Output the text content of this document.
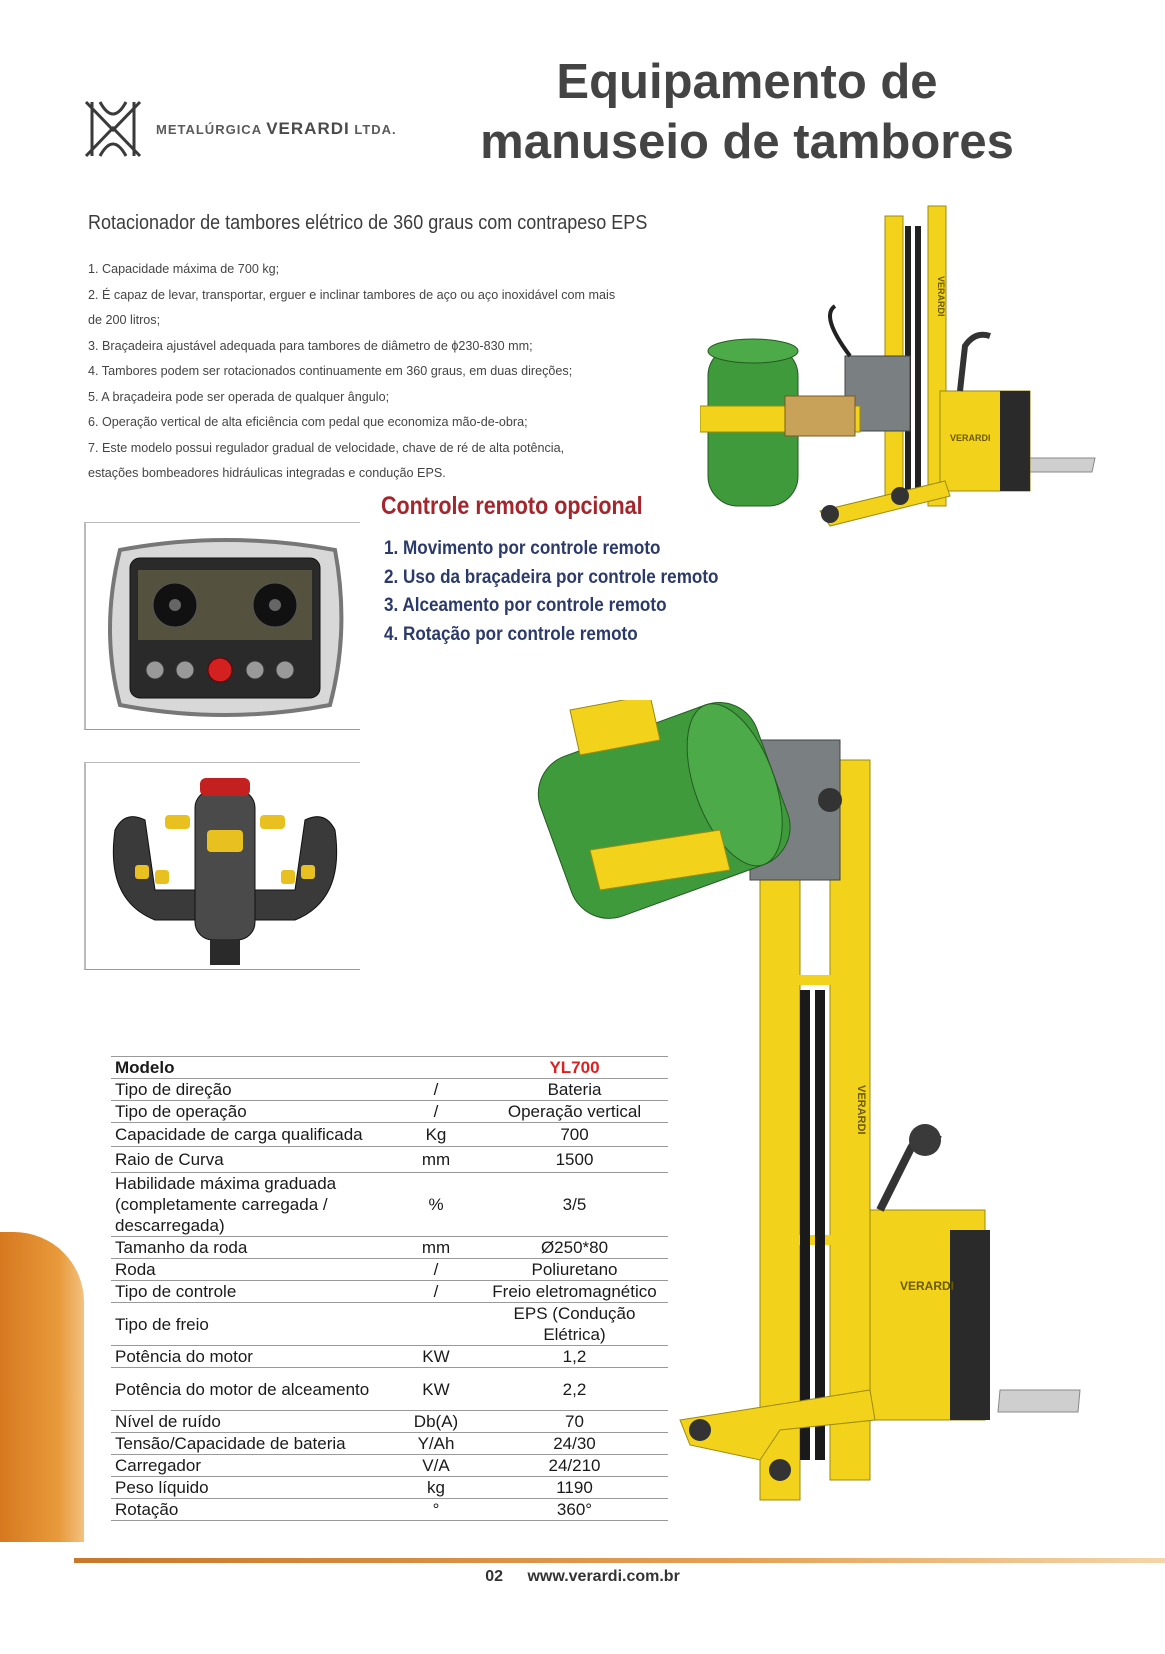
METALÚRGICA VERARDI LTDA.
Equipamento de
manuseio de tambores
Rotacionador de tambores elétrico de 360 graus com contrapeso EPS
1. Capacidade máxima de 700 kg;
2. É capaz de levar, transportar, erguer e inclinar tambores de aço ou aço inoxidável com mais
de 200 litros;
3. Braçadeira ajustável adequada para tambores de diâmetro de ϕ230-830 mm;
4. Tambores podem ser rotacionados continuamente em 360 graus, em duas direções;
5. A braçadeira pode ser operada de qualquer ângulo;
6. Operação vertical de alta eficiência com pedal que economiza mão-de-obra;
7. Este modelo possui regulador gradual de velocidade, chave de ré de alta potência,
estações bombeadores hidráulicas integradas e condução EPS.
VERARDI
VERARDI
Controle remoto opcional
1. Movimento por controle remoto
2. Uso da braçadeira por controle remoto
3. Alceamento por controle remoto
4. Rotação por controle remoto
VERARDI
VERARDI
Modelo		YL700
Tipo de direção	/	Bateria
Tipo de operação	/	Operação vertical
Capacidade de carga qualificada	Kg	700
Raio de Curva	mm	1500
Habilidade máxima graduada (completamente carregada / descarregada)	%	3/5
Tamanho da roda	mm	Ø250*80
Roda	/	Poliuretano
Tipo de controle	/	Freio eletromagnético
Tipo de freio		EPS (Condução Elétrica)
Potência do motor	KW	1,2
Potência do motor de alceamento	KW	2,2
Nível de ruído	Db(A)	70
Tensão/Capacidade de bateria	Y/Ah	24/30
Carregador	V/A	24/210
Peso líquido	kg	1190
Rotação	°	360°
02 www.verardi.com.br
